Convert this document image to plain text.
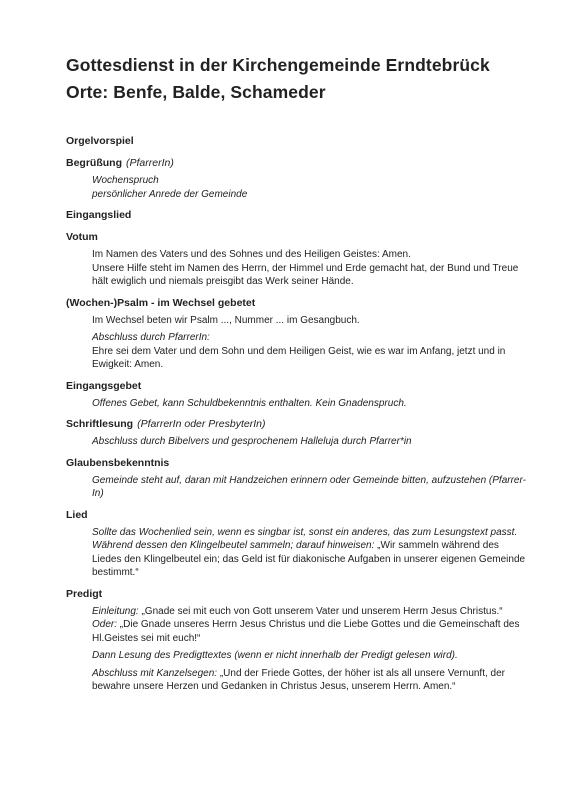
Gottesdienst in der Kirchengemeinde Erndtebrück
Orte: Benfe, Balde, Schameder
Orgelvorspiel
Begrüßung (PfarrerIn)
Wochenspruch
persönlicher Anrede der Gemeinde
Eingangslied
Votum
Im Namen des Vaters und des Sohnes und des Heiligen Geistes: Amen.
Unsere Hilfe steht im Namen des Herrn, der Himmel und Erde gemacht hat, der Bund und Treue hält ewiglich und niemals preisgibt das Werk seiner Hände.
(Wochen-)Psalm - im Wechsel gebetet
Im Wechsel beten wir Psalm ..., Nummer ... im Gesangbuch.
Abschluss durch PfarrerIn:
Ehre sei dem Vater und dem Sohn und dem Heiligen Geist, wie es war im Anfang, jetzt und in Ewigkeit: Amen.
Eingangsgebet
Offenes Gebet, kann Schuldbekenntnis enthalten. Kein Gnadenspruch.
Schriftlesung (PfarrerIn oder PresbyterIn)
Abschluss durch Bibelvers und gesprochenem Halleluja durch Pfarrer*in
Glaubensbekenntnis
Gemeinde steht auf, daran mit Handzeichen erinnern oder Gemeinde bitten, aufzustehen (Pfarrer-In)
Lied
Sollte das Wochenlied sein, wenn es singbar ist, sonst ein anderes, das zum Lesungstext passt. Während dessen den Klingelbeutel sammeln; darauf hinweisen: „Wir sammeln während des Liedes den Klingelbeutel ein; das Geld ist für diakonische Aufgaben in unserer eigenen Gemeinde bestimmt.“
Predigt
Einleitung: „Gnade sei mit euch von Gott unserem Vater und unserem Herrn Jesus Christus.“ Oder: „Die Gnade unseres Herrn Jesus Christus und die Liebe Gottes und die Gemeinschaft des Hl.Geistes sei mit euch!“
Dann Lesung des Predigttextes (wenn er nicht innerhalb der Predigt gelesen wird).
Abschluss mit Kanzelsegen: „Und der Friede Gottes, der höher ist als all unsere Vernunft, der bewahre unsere Herzen und Gedanken in Christus Jesus, unserem Herrn. Amen.“
